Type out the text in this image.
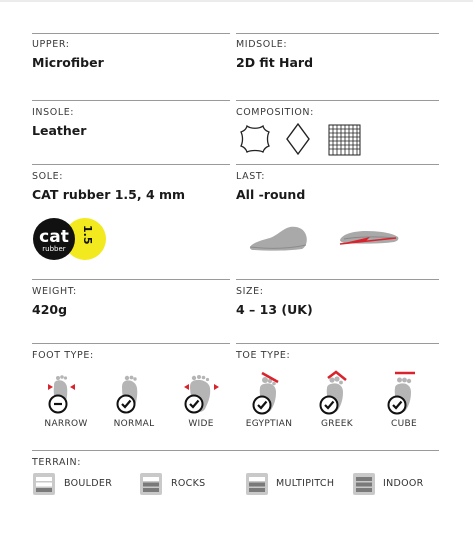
UPPER:
Microfiber
MIDSOLE:
2D fit Hard
INSOLE:
Leather
COMPOSITION:
SOLE:
CAT rubber 1.5, 4 mm
LAST:
All -round
cat
rubber
1.5
WEIGHT:
420g
SIZE:
4 – 13 (UK)
FOOT TYPE:	TOE TYPE:
NARROW	NORMAL	WIDE	EGYPTIAN	GREEK	CUBE
TERRAIN:
BOULDER	ROCKS	MULTIPITCH	INDOOR
